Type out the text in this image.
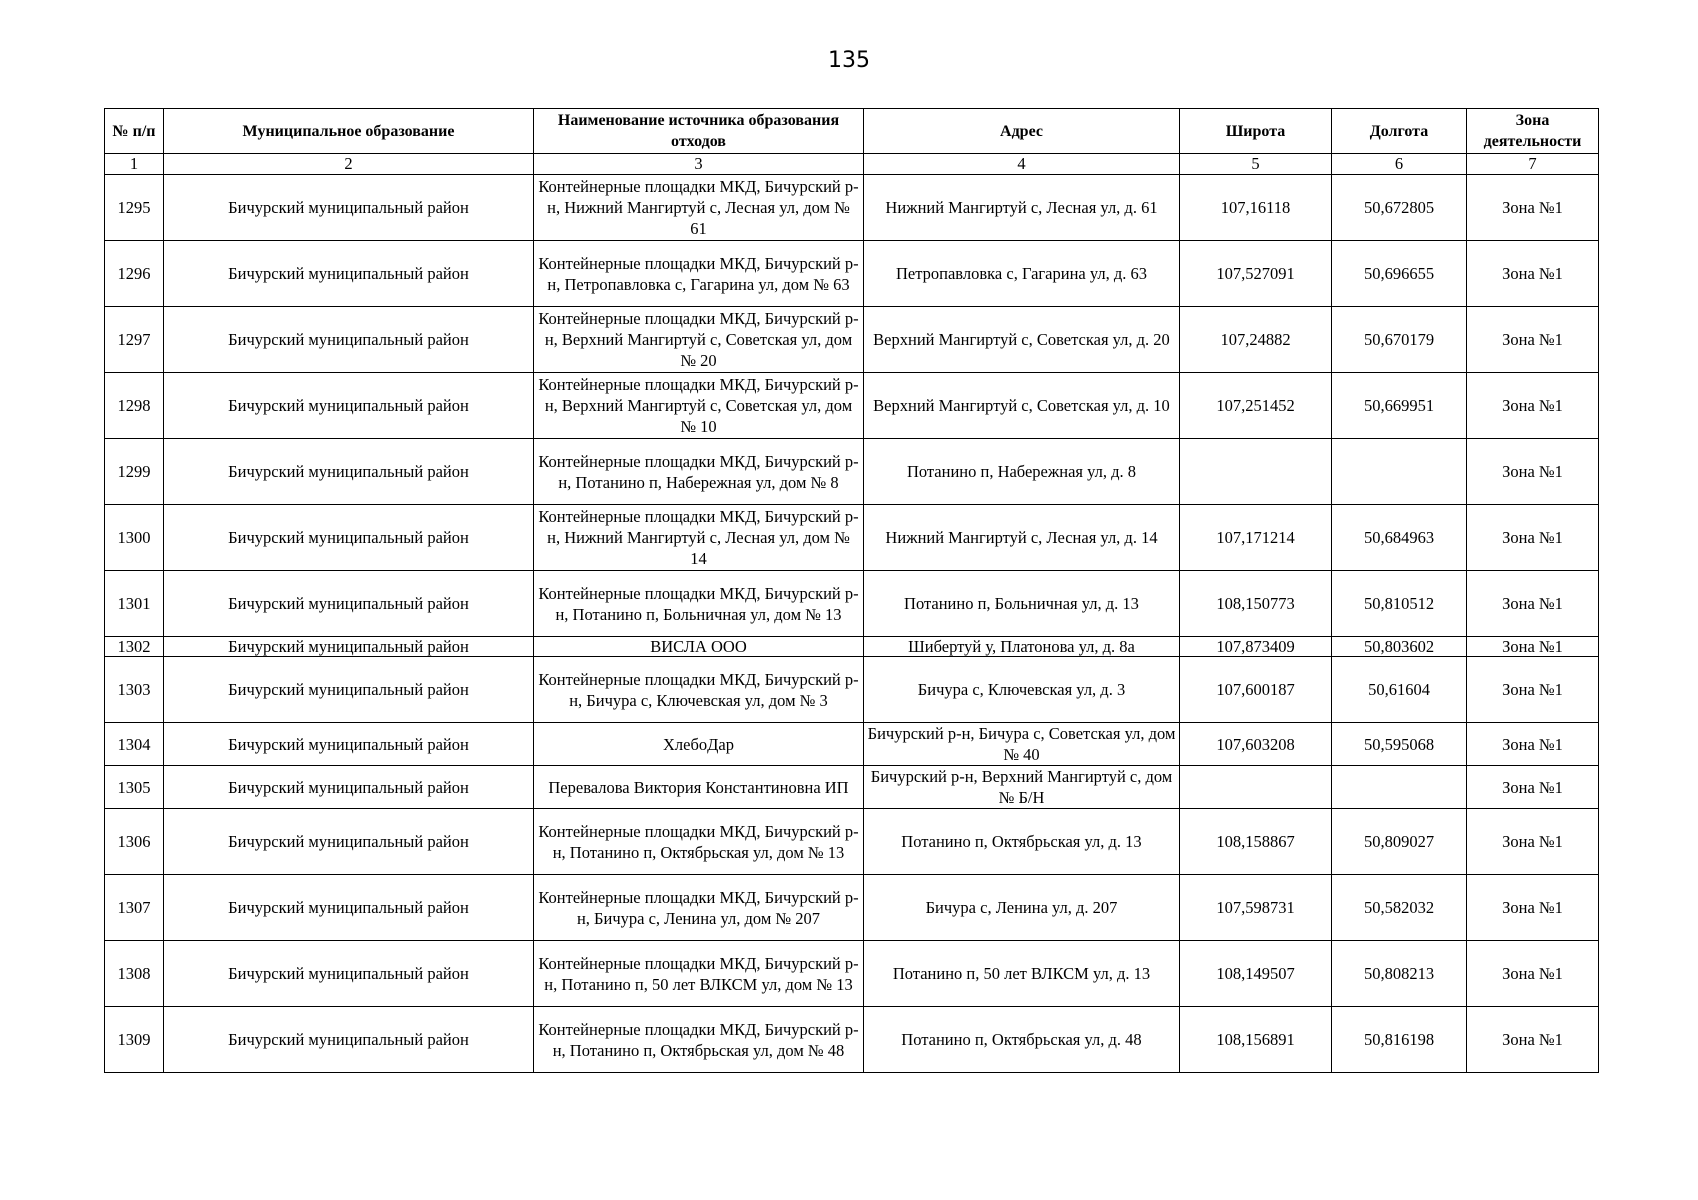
135
№ п/п	Муниципальное образование	Наименование источника образования отходов	Адрес	Широта	Долгота	Зона деятельности
1	2	3	4	5	6	7
1295	Бичурский муниципальный район	Контейнерные площадки МКД, Бичурский р-н, Нижний Мангиртуй с, Лесная ул, дом № 61	Нижний Мангиртуй с, Лесная ул, д. 61	107,16118	50,672805	Зона №1
1296	Бичурский муниципальный район	Контейнерные площадки МКД, Бичурский р-н, Петропавловка с, Гагарина ул, дом № 63	Петропавловка с, Гагарина ул, д. 63	107,527091	50,696655	Зона №1
1297	Бичурский муниципальный район	Контейнерные площадки МКД, Бичурский р-н, Верхний Мангиртуй с, Советская ул, дом № 20	Верхний Мангиртуй с, Советская ул, д. 20	107,24882	50,670179	Зона №1
1298	Бичурский муниципальный район	Контейнерные площадки МКД, Бичурский р-н, Верхний Мангиртуй с, Советская ул, дом № 10	Верхний Мангиртуй с, Советская ул, д. 10	107,251452	50,669951	Зона №1
1299	Бичурский муниципальный район	Контейнерные площадки МКД, Бичурский р-н, Потанино п, Набережная ул, дом № 8	Потанино п, Набережная ул, д. 8			Зона №1
1300	Бичурский муниципальный район	Контейнерные площадки МКД, Бичурский р-н, Нижний Мангиртуй с, Лесная ул, дом № 14	Нижний Мангиртуй с, Лесная ул, д. 14	107,171214	50,684963	Зона №1
1301	Бичурский муниципальный район	Контейнерные площадки МКД, Бичурский р-н, Потанино п, Больничная ул, дом № 13	Потанино п, Больничная ул, д. 13	108,150773	50,810512	Зона №1
1302	Бичурский муниципальный район	ВИСЛА ООО	Шибертуй у, Платонова ул, д. 8а	107,873409	50,803602	Зона №1
1303	Бичурский муниципальный район	Контейнерные площадки МКД, Бичурский р-н, Бичура с, Ключевская ул, дом № 3	Бичура с, Ключевская ул, д. 3	107,600187	50,61604	Зона №1
1304	Бичурский муниципальный район	ХлебоДар	Бичурский р-н, Бичура с, Советская ул, дом № 40	107,603208	50,595068	Зона №1
1305	Бичурский муниципальный район	Перевалова Виктория Константиновна ИП	Бичурский р-н, Верхний Мангиртуй с, дом № Б/Н			Зона №1
1306	Бичурский муниципальный район	Контейнерные площадки МКД, Бичурский р-н, Потанино п, Октябрьская ул, дом № 13	Потанино п, Октябрьская ул, д. 13	108,158867	50,809027	Зона №1
1307	Бичурский муниципальный район	Контейнерные площадки МКД, Бичурский р-н, Бичура с, Ленина ул, дом № 207	Бичура с, Ленина ул, д. 207	107,598731	50,582032	Зона №1
1308	Бичурский муниципальный район	Контейнерные площадки МКД, Бичурский р-н, Потанино п, 50 лет ВЛКСМ ул, дом № 13	Потанино п, 50 лет ВЛКСМ ул, д. 13	108,149507	50,808213	Зона №1
1309	Бичурский муниципальный район	Контейнерные площадки МКД, Бичурский р-н, Потанино п, Октябрьская ул, дом № 48	Потанино п, Октябрьская ул, д. 48	108,156891	50,816198	Зона №1
